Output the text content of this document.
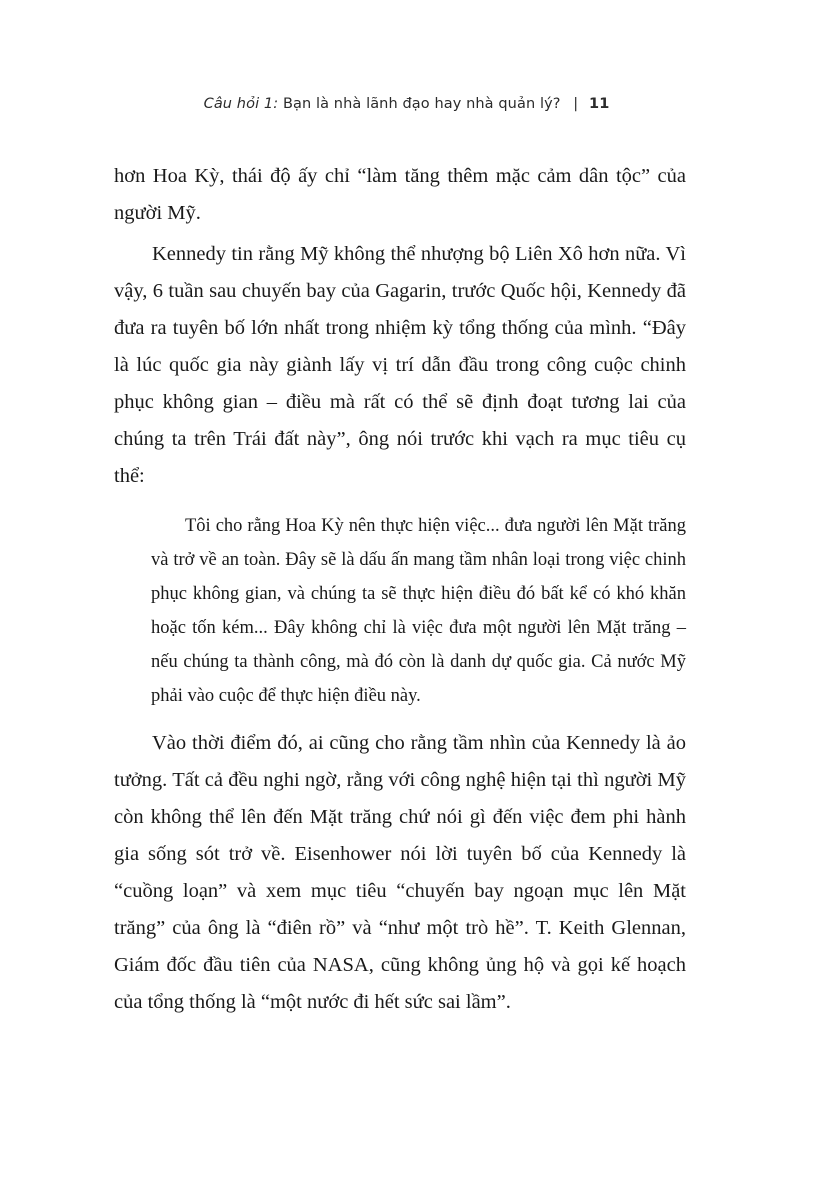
Câu hỏi 1: Bạn là nhà lãnh đạo hay nhà quản lý? | 11

hơn Hoa Kỳ, thái độ ấy chỉ “làm tăng thêm mặc cảm dân tộc” của người Mỹ.

Kennedy tin rằng Mỹ không thể nhượng bộ Liên Xô hơn nữa. Vì vậy, 6 tuần sau chuyến bay của Gagarin, trước Quốc hội, Kennedy đã đưa ra tuyên bố lớn nhất trong nhiệm kỳ tổng thống của mình. “Đây là lúc quốc gia này giành lấy vị trí dẫn đầu trong công cuộc chinh phục không gian – điều mà rất có thể sẽ định đoạt tương lai của chúng ta trên Trái đất này”, ông nói trước khi vạch ra mục tiêu cụ thể:

Tôi cho rằng Hoa Kỳ nên thực hiện việc... đưa người lên Mặt trăng và trở về an toàn. Đây sẽ là dấu ấn mang tầm nhân loại trong việc chinh phục không gian, và chúng ta sẽ thực hiện điều đó bất kể có khó khăn hoặc tốn kém... Đây không chỉ là việc đưa một người lên Mặt trăng – nếu chúng ta thành công, mà đó còn là danh dự quốc gia. Cả nước Mỹ phải vào cuộc để thực hiện điều này.

Vào thời điểm đó, ai cũng cho rằng tầm nhìn của Kennedy là ảo tưởng. Tất cả đều nghi ngờ, rằng với công nghệ hiện tại thì người Mỹ còn không thể lên đến Mặt trăng chứ nói gì đến việc đem phi hành gia sống sót trở về. Eisenhower nói lời tuyên bố của Kennedy là “cuồng loạn” và xem mục tiêu “chuyến bay ngoạn mục lên Mặt trăng” của ông là “điên rồ” và “như một trò hề”. T. Keith Glennan, Giám đốc đầu tiên của NASA, cũng không ủng hộ và gọi kế hoạch của tổng thống là “một nước đi hết sức sai lầm”.
